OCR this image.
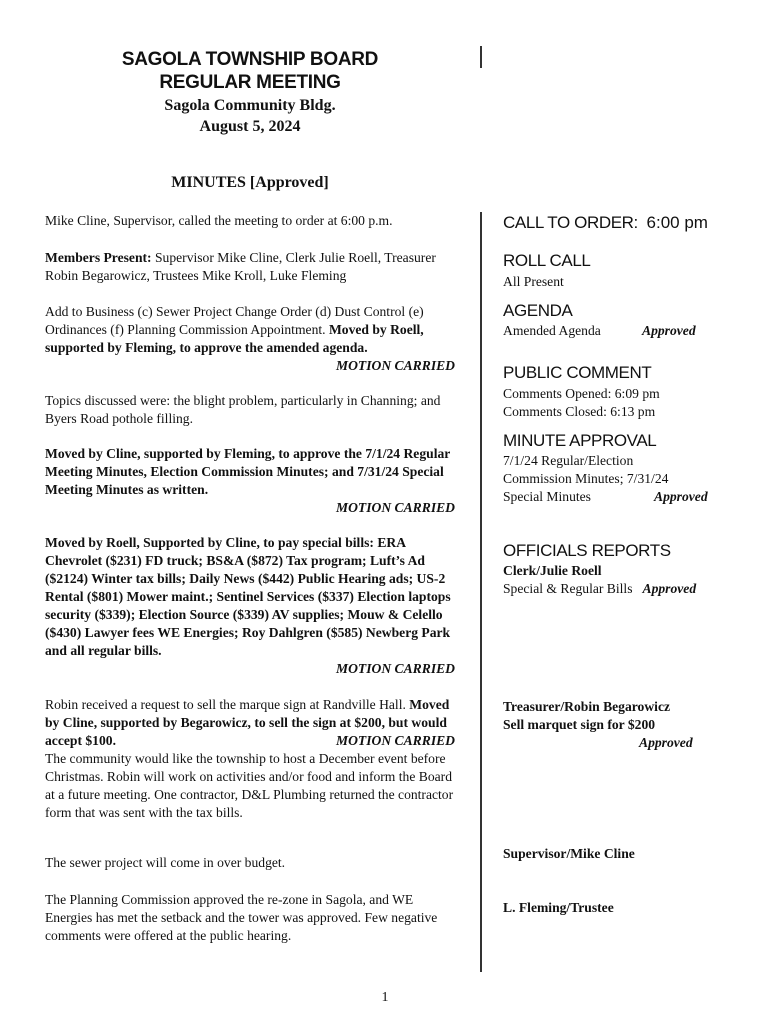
SAGOLA TOWNSHIP BOARD
REGULAR MEETING
Sagola Community Bldg.
August 5, 2024
MINUTES [Approved]

Mike Cline, Supervisor, called the meeting to order at 6:00 p.m.

Members Present: Supervisor Mike Cline, Clerk Julie Roell, Treasurer Robin Begarowicz, Trustees Mike Kroll, Luke Fleming

Add to Business (c) Sewer Project Change Order (d) Dust Control (e) Ordinances (f) Planning Commission Appointment. Moved by Roell, supported by Fleming, to approve the amended agenda.
MOTION CARRIED

Topics discussed were: the blight problem, particularly in Channing; and Byers Road pothole filling.

Moved by Cline, supported by Fleming, to approve the 7/1/24 Regular Meeting Minutes, Election Commission Minutes; and 7/31/24 Special Meeting Minutes as written.
MOTION CARRIED

Moved by Roell, Supported by Cline, to pay special bills: ERA Chevrolet ($231) FD truck; BS&A ($872) Tax program; Luft’s Ad ($2124) Winter tax bills; Daily News ($442) Public Hearing ads; US-2 Rental ($801) Mower maint.; Sentinel Services ($337) Election laptops security ($339); Election Source ($339) AV supplies; Mouw & Celello ($430) Lawyer fees WE Energies; Roy Dahlgren ($585) Newberg Park and all regular bills.
MOTION CARRIED

Robin received a request to sell the marque sign at Randville Hall. Moved by Cline, supported by Begarowicz, to sell the sign at $200, but would accept $100.	MOTION CARRIED

The community would like the township to host a December event before Christmas. Robin will work on activities and/or food and inform the Board at a future meeting. One contractor, D&L Plumbing returned the contractor form that was sent with the tax bills.

The sewer project will come in over budget.

The Planning Commission approved the re-zone in Sagola, and WE Energies has met the setback and the tower was approved. Few negative comments were offered at the public hearing.

CALL TO ORDER: 6:00 pm
ROLL CALL
All Present
AGENDA
Amended Agenda	Approved
PUBLIC COMMENT
Comments Opened: 6:09 pm
Comments Closed: 6:13 pm
MINUTE APPROVAL
7/1/24 Regular/Election
Commission Minutes; 7/31/24
Special Minutes	Approved
OFFICIALS REPORTS
Clerk/Julie Roell
Special & Regular Bills Approved
Treasurer/Robin Begarowicz
Sell marquet sign for $200
Approved
Supervisor/Mike Cline
L. Fleming/Trustee
1
